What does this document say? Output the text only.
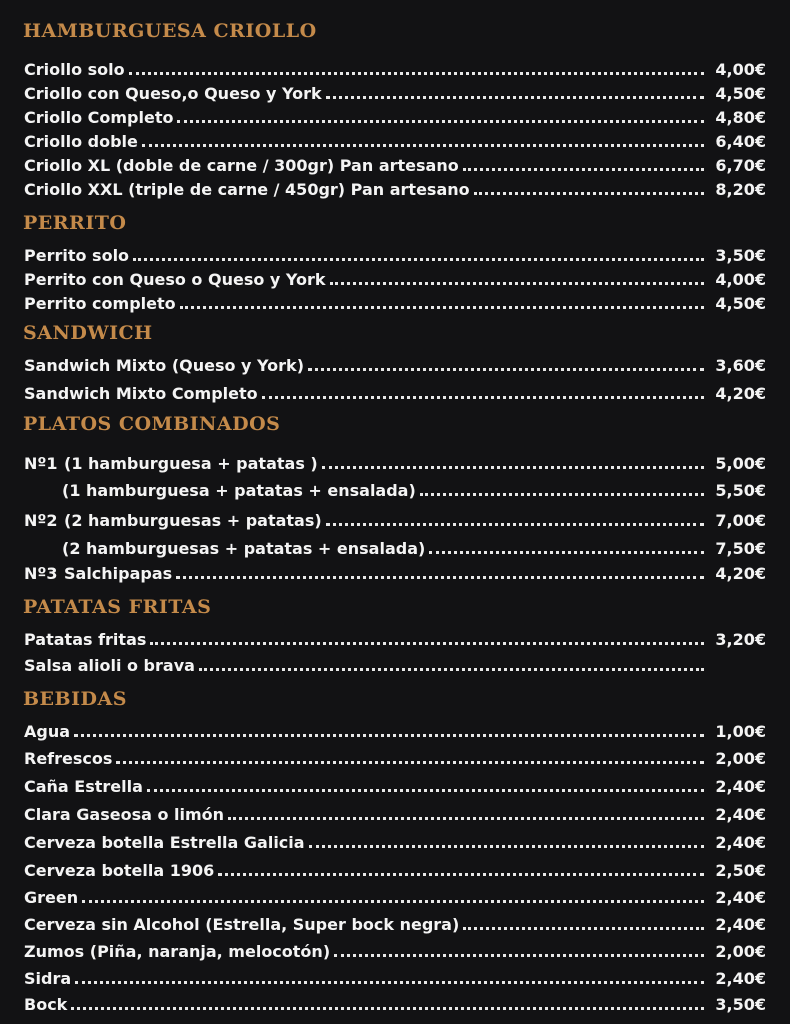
HAMBURGUESA CRIOLLO
Criollo solo	4,00€
Criollo con Queso,o Queso y York	4,50€
Criollo Completo	4,80€
Criollo doble	6,40€
Criollo XL (doble de carne / 300gr) Pan artesano	6,70€
Criollo XXL (triple de carne / 450gr) Pan artesano	8,20€
PERRITO
Perrito solo	3,50€
Perrito con Queso o Queso y York	4,00€
Perrito completo	4,50€
SANDWICH
Sandwich Mixto (Queso y York)	3,60€
Sandwich Mixto Completo	4,20€
PLATOS COMBINADOS
Nº1 (1 hamburguesa + patatas )	5,00€
(1 hamburguesa + patatas + ensalada)	5,50€
Nº2 (2 hamburguesas + patatas)	7,00€
(2 hamburguesas + patatas + ensalada)	7,50€
Nº3 Salchipapas	4,20€
PATATAS FRITAS
Patatas fritas	3,20€
Salsa alioli o brava
BEBIDAS
Agua	1,00€
Refrescos	2,00€
Caña Estrella	2,40€
Clara Gaseosa o limón	2,40€
Cerveza botella Estrella Galicia	2,40€
Cerveza botella 1906	2,50€
Green	2,40€
Cerveza sin Alcohol (Estrella, Super bock negra)	2,40€
Zumos (Piña, naranja, melocotón)	2,00€
Sidra	2,40€
Bock	3,50€
